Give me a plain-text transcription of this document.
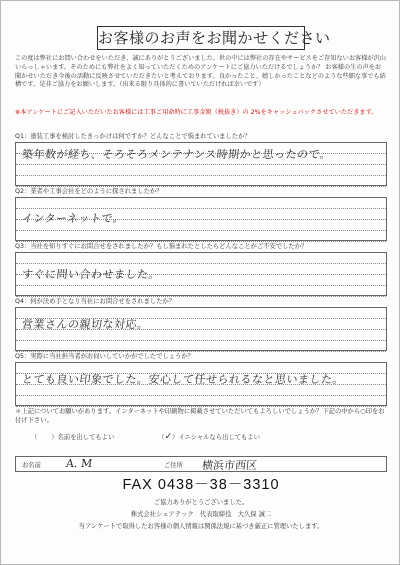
お客様のお声をお聞かせください
この度は弊社にお問い合わせをいただき、誠にありがとうございました。世の中には弊社の存在やサービスをご存知ないお客様が沢山いらっしゃいます。そのためにも弊社をよく知っていただくためのアンケートにご協力いただけるでしょうか？ お客様の生の声をお聞かせいただき今後の活動に反映させていただきたいと考えております。良かったこと、嬉しかったことなどのような些細な事でも結構です。是非ご協力をお願いします。（出来る限り具体的に書いていただければ幸いです）
※本アンケートにご記入いただいたお客様には工事ご用命時に工事金額（税抜き）の 2%をキャッシュバックさせていただきます。
Q1：塗装工事を検討したきっかけは何ですか？どんなことで悩まれていましたか？
築年数が経ち、そろそろメンテナンス時期かと思ったので。
Q2：業者や工事会社をどのように探されましたか？
インターネットで。
Q3：当社を知りすぐにお問合せをされましたか？もし悩まれたとしたらどんなことがご不安でしたか？
すぐに問い合わせました。
Q4：何が決め手となり当社にお問合せをされましたか？
営業さんの親切な対応。
Q5：実際に当社担当者がお伺いしていかがでしたでしょうか？
とても良い印象でした。安心して任せられるなと思いました。
＊上記についてお願いがあります。インターネットや印刷物に掲載させていただいてもよろしいでしょうか？下記の中から○印をお付け下さい。
（ ）名前を出してもよい	（✓）イニシャルなら出してもよい
お名前 A. M	ご住所 横浜市西区
FAX 0438－38－3310
ご協力ありがとうございました。
株式会社シェアテック　代表取締役　大久保 誠二
当アンケートで取得したお客様の個人情報は関係法規に基づき厳正に管理いたします。
